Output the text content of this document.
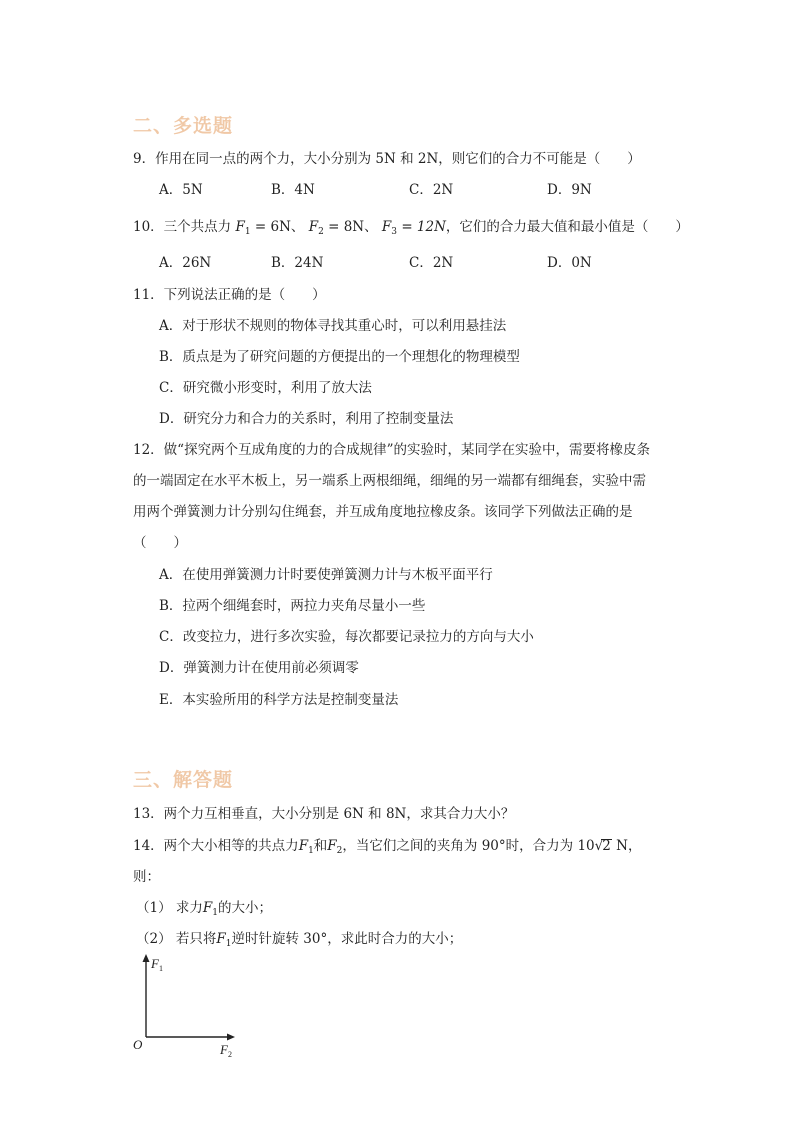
二、多选题
9．作用在同一点的两个力，大小分别为 5N 和 2N，则它们的合力不可能是（　　）
A．5N	B．4N	C．2N	D．9N
10．三个共点力 $F_1 = 6N$、 $F_2 = 8N$、 $F_3 = 12N$，它们的合力最大值和最小值是（　　）
A．26N	B．24N	C．2N	D．0N
11．下列说法正确的是（　　）
A．对于形状不规则的物体寻找其重心时，可以利用悬挂法
B．质点是为了研究问题的方便提出的一个理想化的物理模型
C．研究微小形变时，利用了放大法
D．研究分力和合力的关系时，利用了控制变量法
12．做“探究两个互成角度的力的合成规律”的实验时，某同学在实验中，需要将橡皮条
的一端固定在水平木板上，另一端系上两根细绳，细绳的另一端都有细绳套，实验中需
用两个弹簧测力计分别勾住绳套，并互成角度地拉橡皮条。该同学下列做法正确的是
（　　）
A．在使用弹簧测力计时要使弹簧测力计与木板平面平行
B．拉两个细绳套时，两拉力夹角尽量小一些
C．改变拉力，进行多次实验，每次都要记录拉力的方向与大小
D．弹簧测力计在使用前必须调零
E．本实验所用的科学方法是控制变量法
三、解答题
13．两个力互相垂直，大小分别是 6N 和 8N，求其合力大小？
14．两个大小相等的共点力$F_1$和$F_2$，当它们之间的夹角为 90°时，合力为 10√2 N，
则：
（1） 求力$F_1$的大小；
（2） 若只将$F_1$逆时针旋转 30°，求此时合力的大小；
$F_1$
$F_2$
O
